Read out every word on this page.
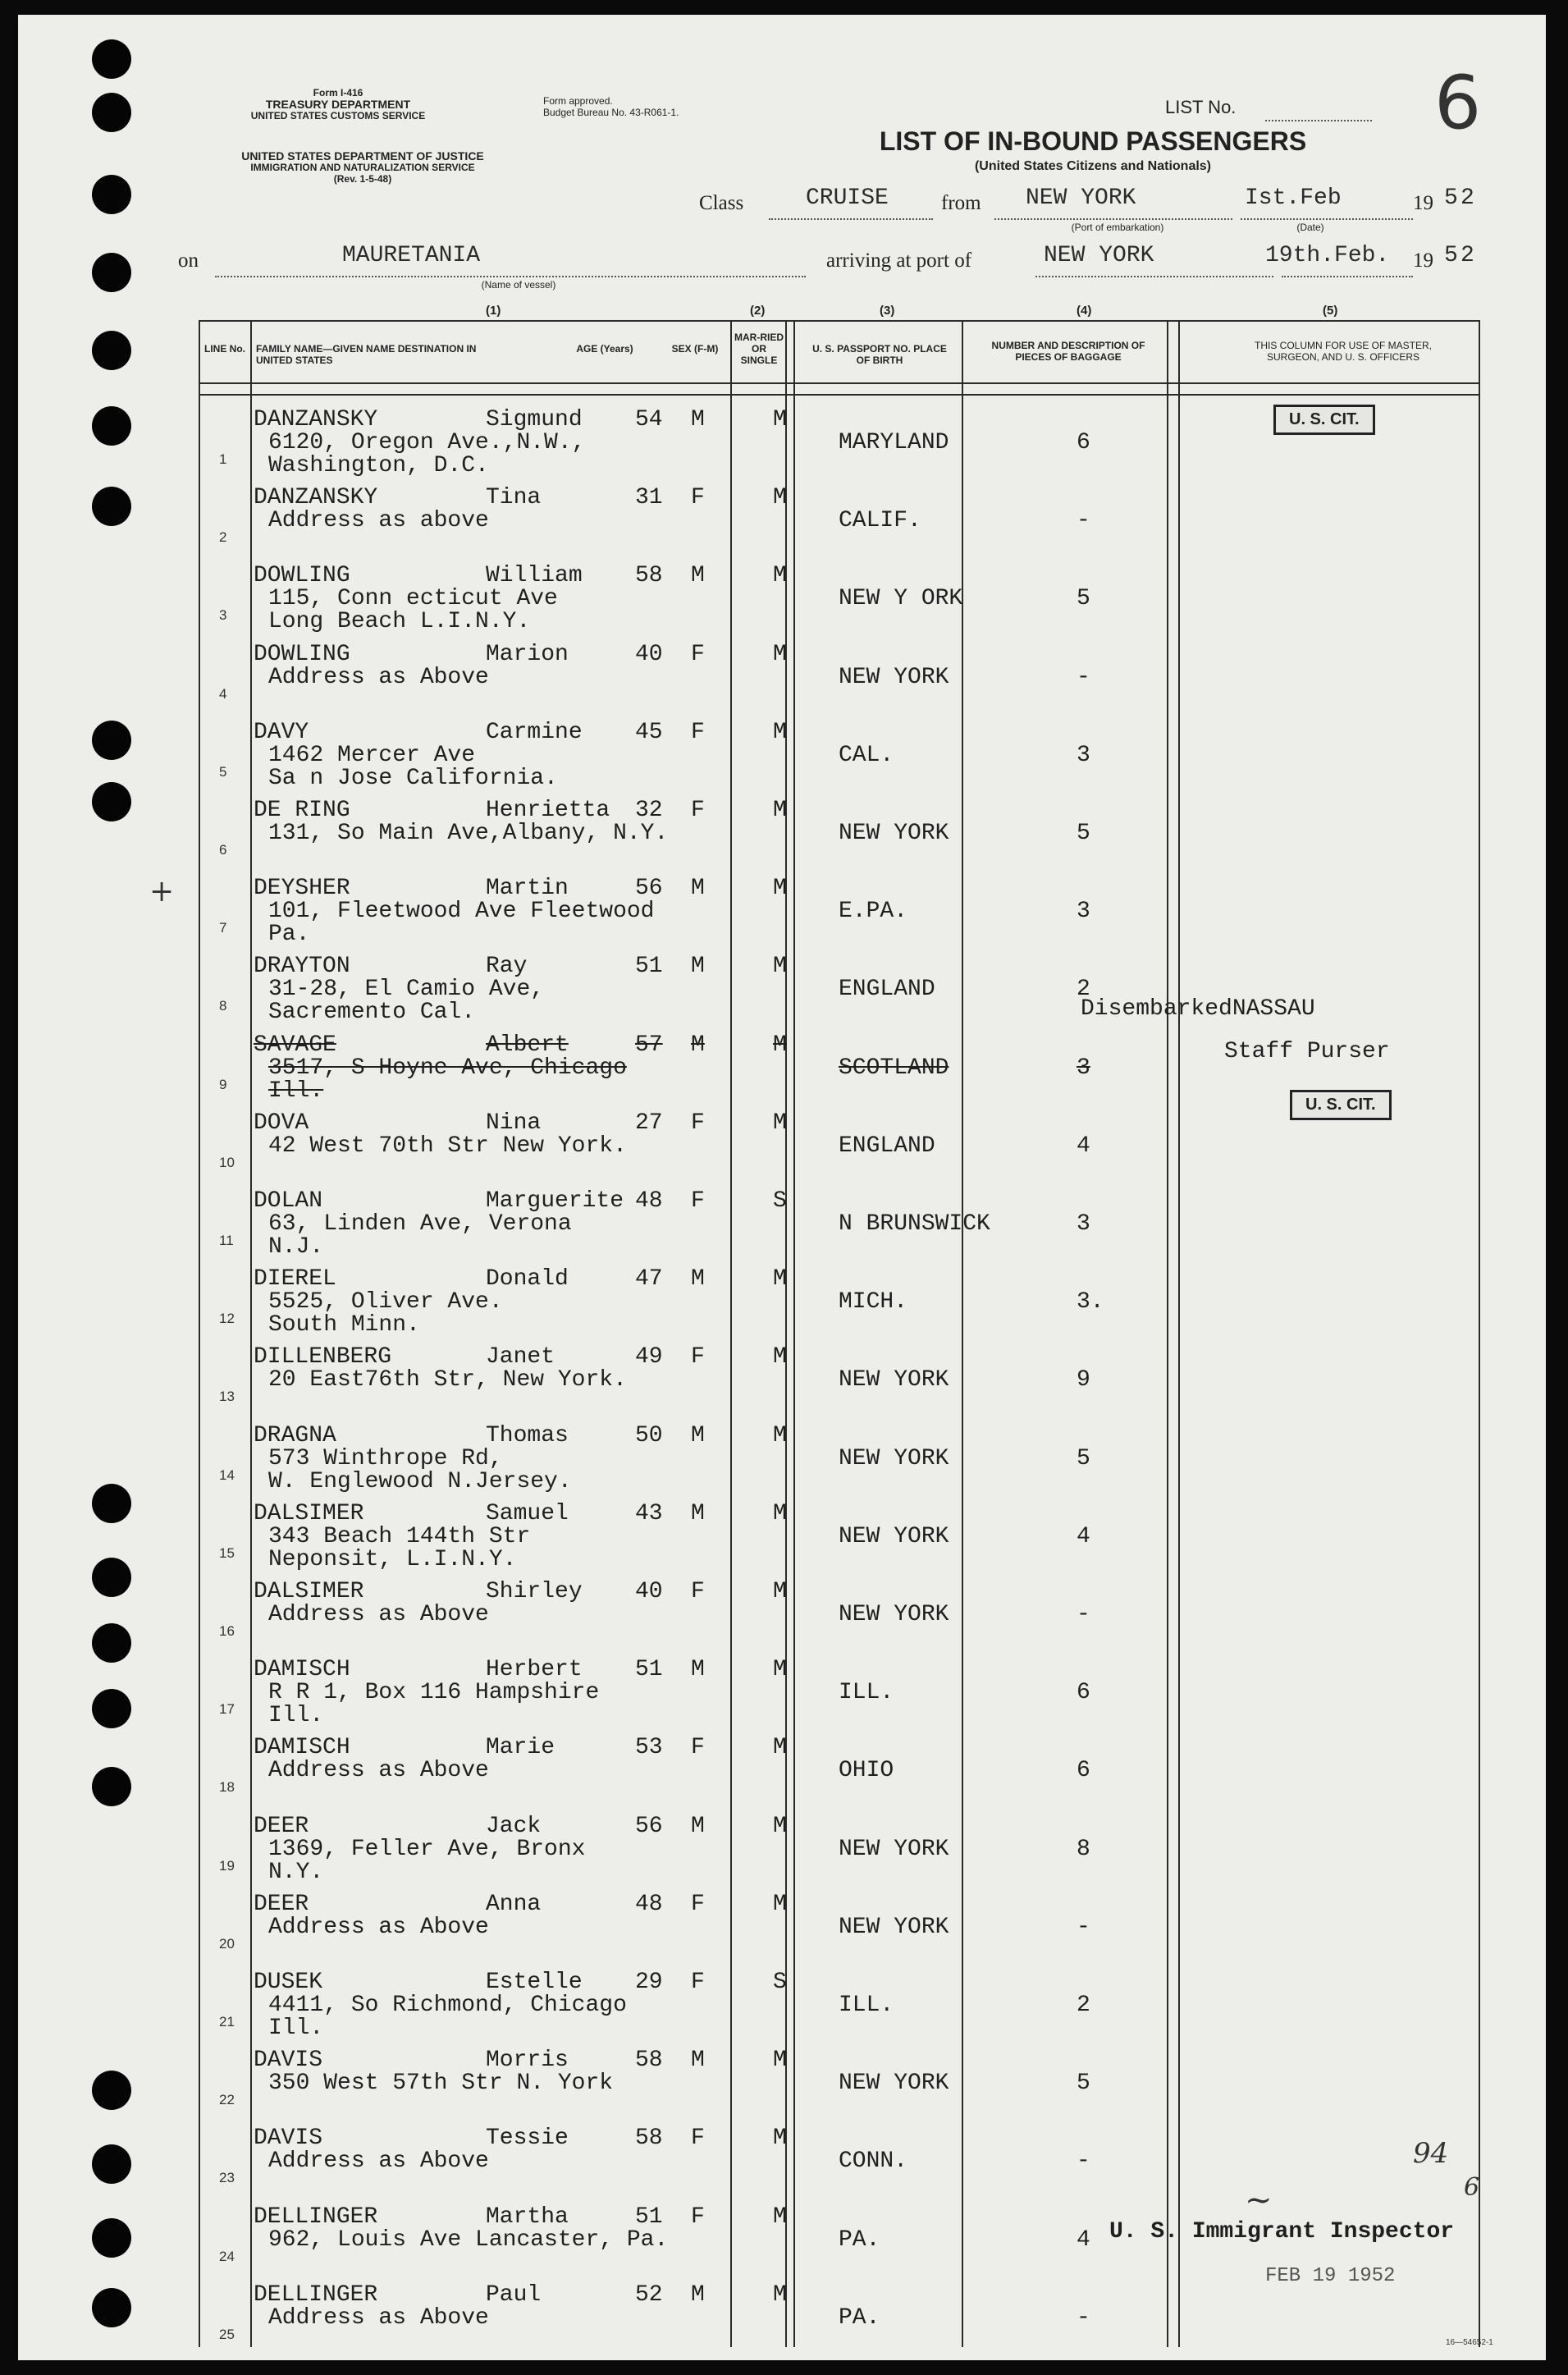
Form I-416
TREASURY DEPARTMENT
UNITED STATES CUSTOMS SERVICE
Form approved.
Budget Bureau No. 43-R061-1.
UNITED STATES DEPARTMENT OF JUSTICE
IMMIGRATION AND NATURALIZATION SERVICE
(Rev. 1-5-48)
LIST No.	6
LIST OF IN-BOUND PASSENGERS
(United States Citizens and Nationals)
Class	CRUISE	from NEW YORK
(Port of embarkation)
Ist.Feb
(Date)
19 5 2
on	MAURETANIA
(Name of vessel)
arriving at port of	NEW YORK	19th.Feb. 19 5 2
(1)	(2)	(3)	(4)	(5)
LINE No.	FAMILY NAME—GIVEN NAME DESTINATION IN UNITED STATES
AGE (Years)	SEX (F-M)
MAR-RIED OR SINGLE
U. S. PASSPORT NO. PLACE OF BIRTH
NUMBER AND DESCRIPTION OF PIECES OF BAGGAGE
THIS COLUMN FOR USE OF MASTER, SURGEON, AND U. S. OFFICERS
1
DANZANSKY	Sigmund 54 M	M
6120, Oregon Ave.,N.W.,
Washington, D.C.
MARYLAND	6
2
DANZANSKY	Tina	31 F	M
Address as above	CALIF.	-
3
DOWLING	William 58 M	M
115, Conn ecticut Ave
Long Beach L.I.N.Y.
NEW Y ORK	5
4
DOWLING	Marion	40 F	M
Address as Above	NEW YORK	-
5
DAVY	Carmine 45 F	M
1462 Mercer Ave
Sa n Jose California.
CAL.	3
6
DE RING	Henrietta 32 F	M
131, So Main Ave,Albany, N.Y.	NEW YORK	5
7
DEYSHER	Martin	56 M	M
101, Fleetwood Ave Fleetwood
Pa.
E.PA.	3
8
DRAYTON	Ray	51 M	M
31-28, El Camio Ave,
Sacremento Cal.
ENGLAND	2
9
SAVAGE	Albert	57 M	M
3517, S Hoyne Ave, Chicago
Ill.
SCOTLAND	3
10
DOVA	Nina	27 F	M
42 West 70th Str New York.	ENGLAND	4
11
DOLAN	Marguerite 48 F	S
63, Linden Ave, Verona
N.J.
N BRUNSWICK	3
12
DIEREL	Donald	47 M	M
5525, Oliver Ave.
South Minn.
MICH.	3.
13
DILLENBERG	Janet	49 F	M
20 East76th Str, New York.	NEW YORK	9
14
DRAGNA	Thomas	50 M	M
573 Winthrope Rd,
W. Englewood N.Jersey.
NEW YORK	5
15
DALSIMER	Samuel	43 M	M
343 Beach 144th Str
Neponsit, L.I.N.Y.
NEW YORK	4
16
DALSIMER	Shirley 40 F	M
Address as Above	NEW YORK	-
17
DAMISCH	Herbert 51 M	M
R R 1, Box 116 Hampshire
Ill.
ILL.	6
18
DAMISCH	Marie	53 F	M
Address as Above	OHIO	6
19
DEER	Jack	56 M	M
1369, Feller Ave, Bronx
N.Y.
NEW YORK	8
20
DEER	Anna	48 F	M
Address as Above	NEW YORK	-
21
DUSEK	Estelle 29 F	S
4411, So Richmond, Chicago
Ill.
ILL.	2
22
DAVIS	Morris	58 M	M
350 West 57th Str N. York	NEW YORK	5
23
DAVIS	Tessie	58 F	M
Address as Above	CONN.	-
24
DELLINGER	Martha	51 F	M
962, Louis Ave Lancaster, Pa.	PA.	4
25
DELLINGER	Paul	52 M	M
Address as Above	PA.	-
U. S. CIT.
U. S. CIT.
DisembarkedNASSAU
Staff Purser
U. S. Immigrant Inspector
~
FEB 19 1952
94
6
16—54652-1
+
